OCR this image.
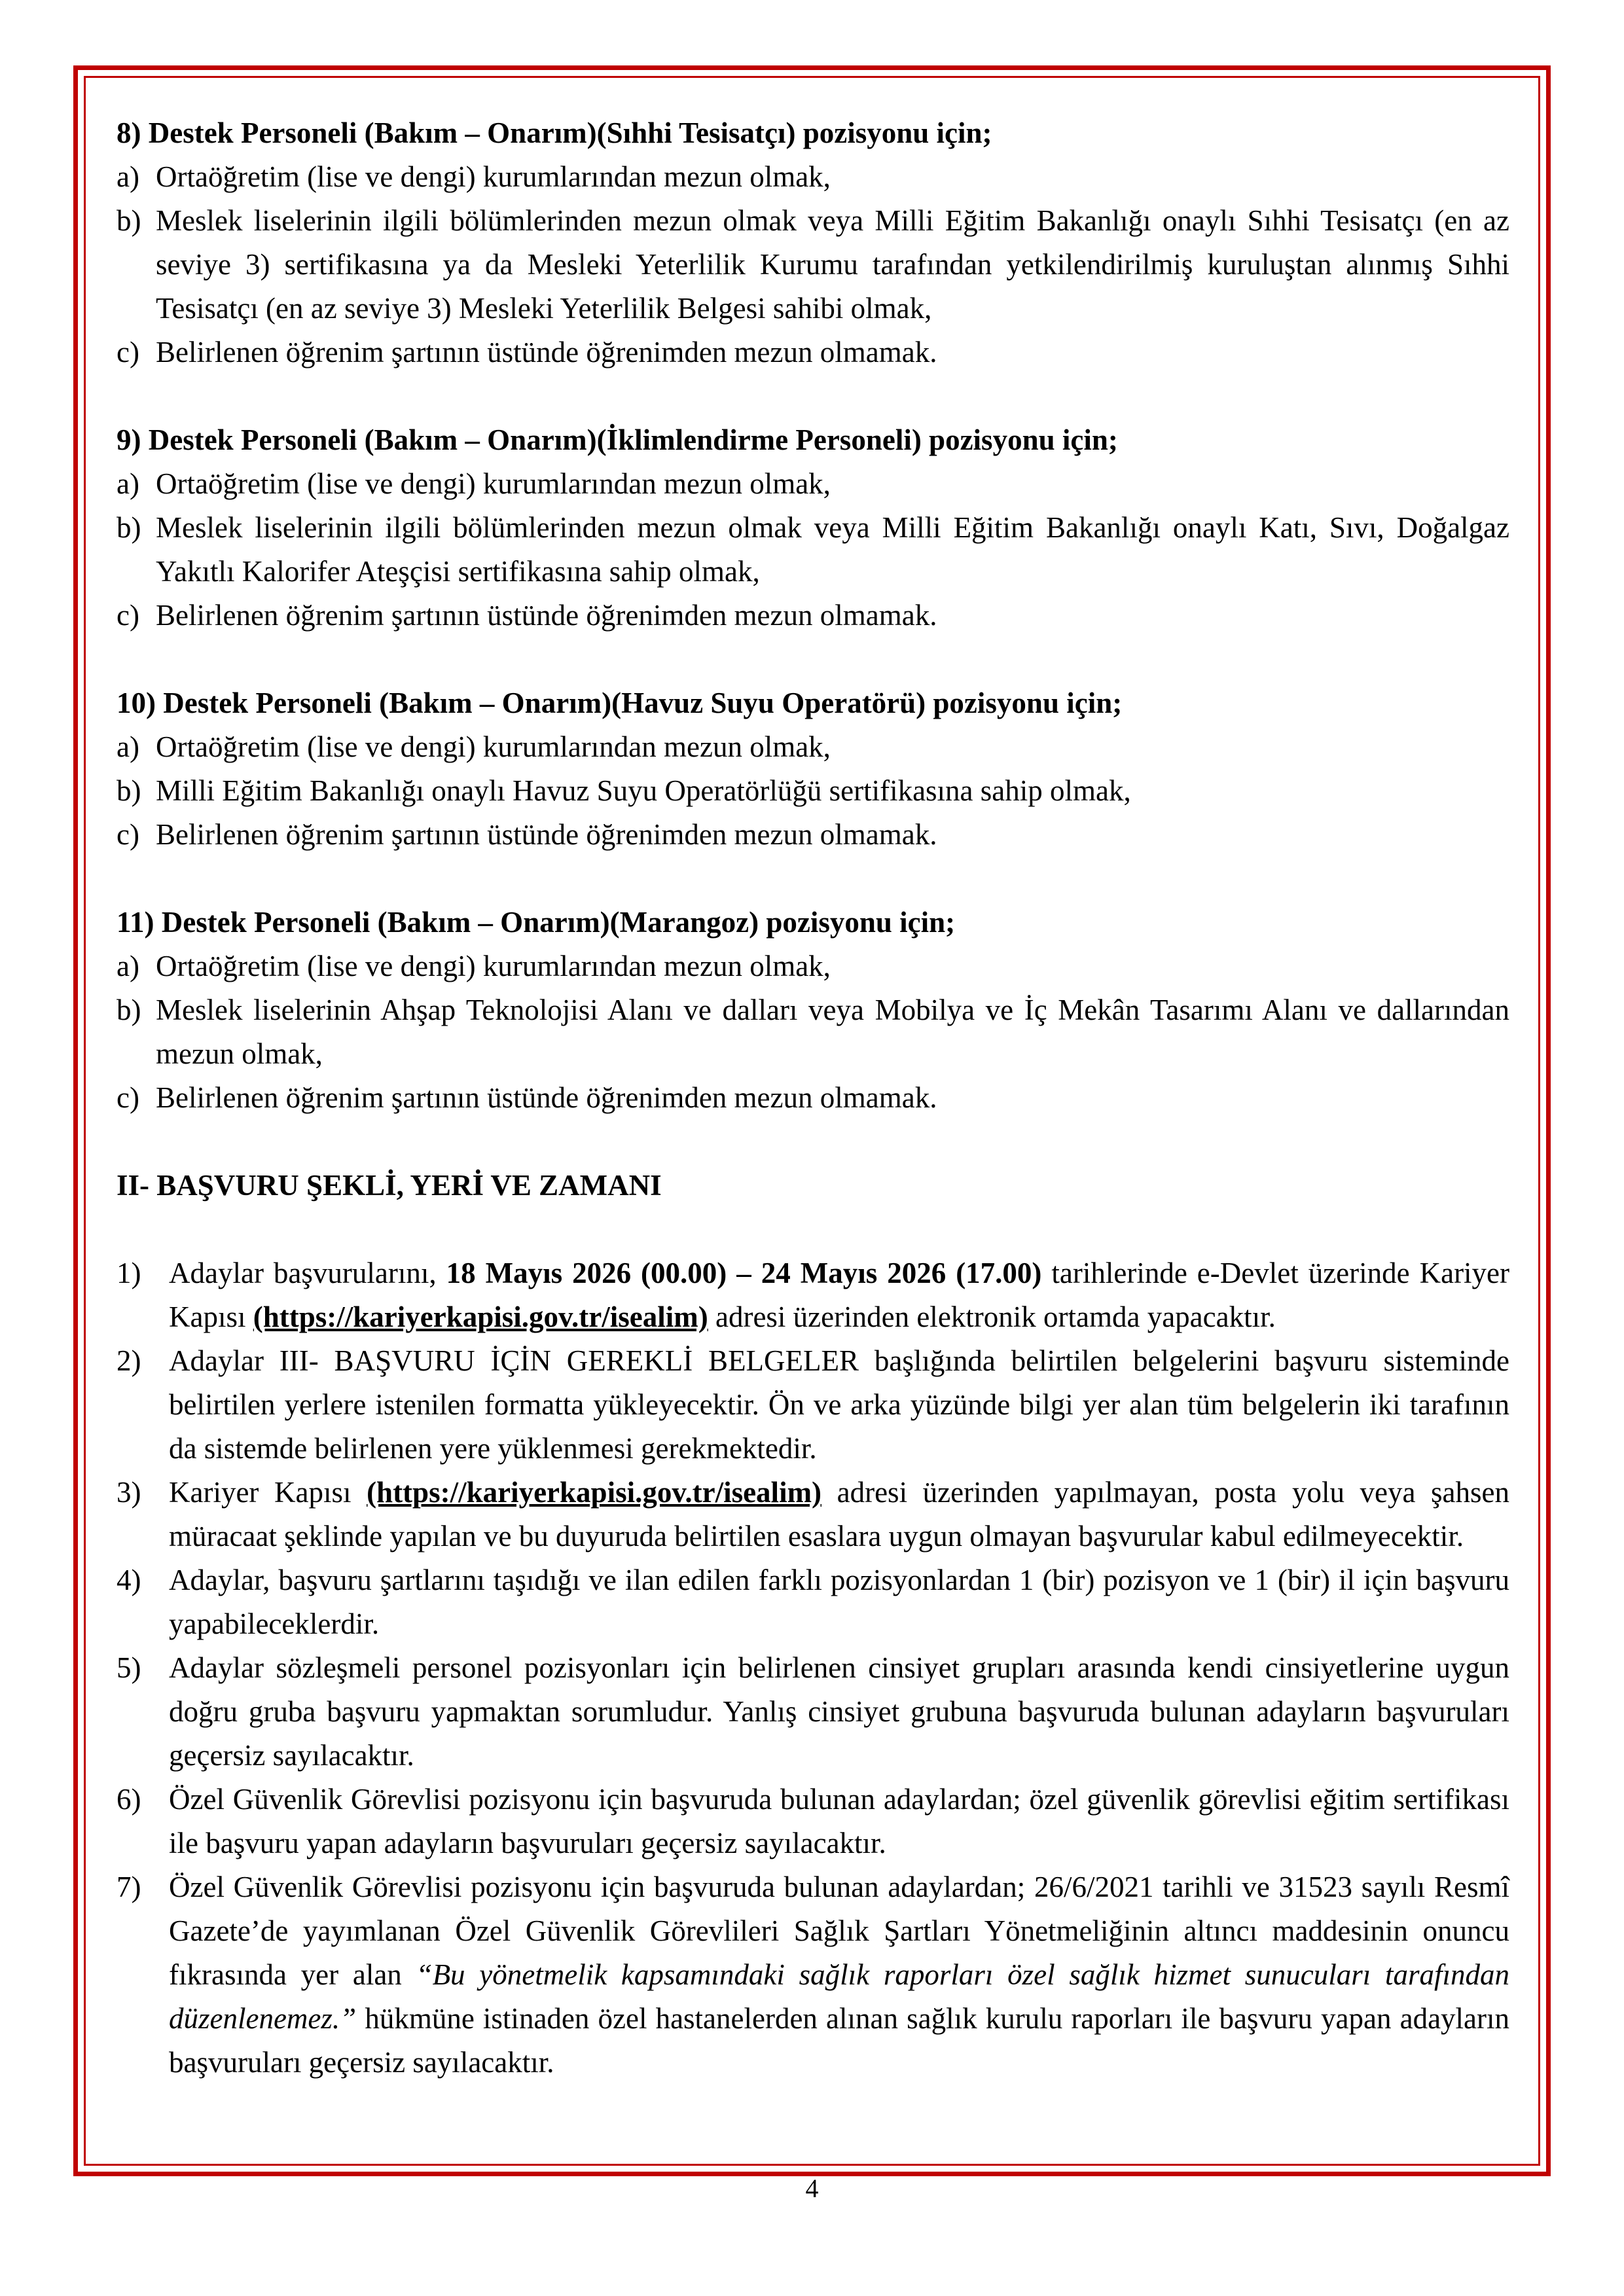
8) Destek Personeli (Bakım – Onarım)(Sıhhi Tesisatçı) pozisyonu için;
a) Ortaöğretim (lise ve dengi) kurumlarından mezun olmak,
b) Meslek liselerinin ilgili bölümlerinden mezun olmak veya Milli Eğitim Bakanlığı onaylı Sıhhi Tesisatçı (en az seviye 3) sertifikasına ya da Mesleki Yeterlilik Kurumu tarafından yetkilendirilmiş kuruluştan alınmış Sıhhi Tesisatçı (en az seviye 3) Mesleki Yeterlilik Belgesi sahibi olmak,
c) Belirlenen öğrenim şartının üstünde öğrenimden mezun olmamak.
9) Destek Personeli (Bakım – Onarım)(İklimlendirme Personeli) pozisyonu için;
a) Ortaöğretim (lise ve dengi) kurumlarından mezun olmak,
b) Meslek liselerinin ilgili bölümlerinden mezun olmak veya Milli Eğitim Bakanlığı onaylı Katı, Sıvı, Doğalgaz Yakıtlı Kalorifer Ateşçisi sertifikasına sahip olmak,
c) Belirlenen öğrenim şartının üstünde öğrenimden mezun olmamak.
10) Destek Personeli (Bakım – Onarım)(Havuz Suyu Operatörü) pozisyonu için;
a) Ortaöğretim (lise ve dengi) kurumlarından mezun olmak,
b) Milli Eğitim Bakanlığı onaylı Havuz Suyu Operatörlüğü sertifikasına sahip olmak,
c) Belirlenen öğrenim şartının üstünde öğrenimden mezun olmamak.
11) Destek Personeli (Bakım – Onarım)(Marangoz) pozisyonu için;
a) Ortaöğretim (lise ve dengi) kurumlarından mezun olmak,
b) Meslek liselerinin Ahşap Teknolojisi Alanı ve dalları veya Mobilya ve İç Mekân Tasarımı Alanı ve dallarından mezun olmak,
c) Belirlenen öğrenim şartının üstünde öğrenimden mezun olmamak.
II- BAŞVURU ŞEKLİ, YERİ VE ZAMANI
1) Adaylar başvurularını, 18 Mayıs 2026 (00.00) – 24 Mayıs 2026 (17.00) tarihlerinde e-Devlet üzerinde Kariyer Kapısı (https://kariyerkapisi.gov.tr/isealim) adresi üzerinden elektronik ortamda yapacaktır.
2) Adaylar III- BAŞVURU İÇİN GEREKLİ BELGELER başlığında belirtilen belgelerini başvuru sisteminde belirtilen yerlere istenilen formatta yükleyecektir. Ön ve arka yüzünde bilgi yer alan tüm belgelerin iki tarafının da sistemde belirlenen yere yüklenmesi gerekmektedir.
3) Kariyer Kapısı (https://kariyerkapisi.gov.tr/isealim) adresi üzerinden yapılmayan, posta yolu veya şahsen müracaat şeklinde yapılan ve bu duyuruda belirtilen esaslara uygun olmayan başvurular kabul edilmeyecektir.
4) Adaylar, başvuru şartlarını taşıdığı ve ilan edilen farklı pozisyonlardan 1 (bir) pozisyon ve 1 (bir) il için başvuru yapabileceklerdir.
5) Adaylar sözleşmeli personel pozisyonları için belirlenen cinsiyet grupları arasında kendi cinsiyetlerine uygun doğru gruba başvuru yapmaktan sorumludur. Yanlış cinsiyet grubuna başvuruda bulunan adayların başvuruları geçersiz sayılacaktır.
6) Özel Güvenlik Görevlisi pozisyonu için başvuruda bulunan adaylardan; özel güvenlik görevlisi eğitim sertifikası ile başvuru yapan adayların başvuruları geçersiz sayılacaktır.
7) Özel Güvenlik Görevlisi pozisyonu için başvuruda bulunan adaylardan; 26/6/2021 tarihli ve 31523 sayılı Resmî Gazete’de yayımlanan Özel Güvenlik Görevlileri Sağlık Şartları Yönetmeliğinin altıncı maddesinin onuncu fıkrasında yer alan “Bu yönetmelik kapsamındaki sağlık raporları özel sağlık hizmet sunucuları tarafından düzenlenemez.” hükmüne istinaden özel hastanelerden alınan sağlık kurulu raporları ile başvuru yapan adayların başvuruları geçersiz sayılacaktır.
4
